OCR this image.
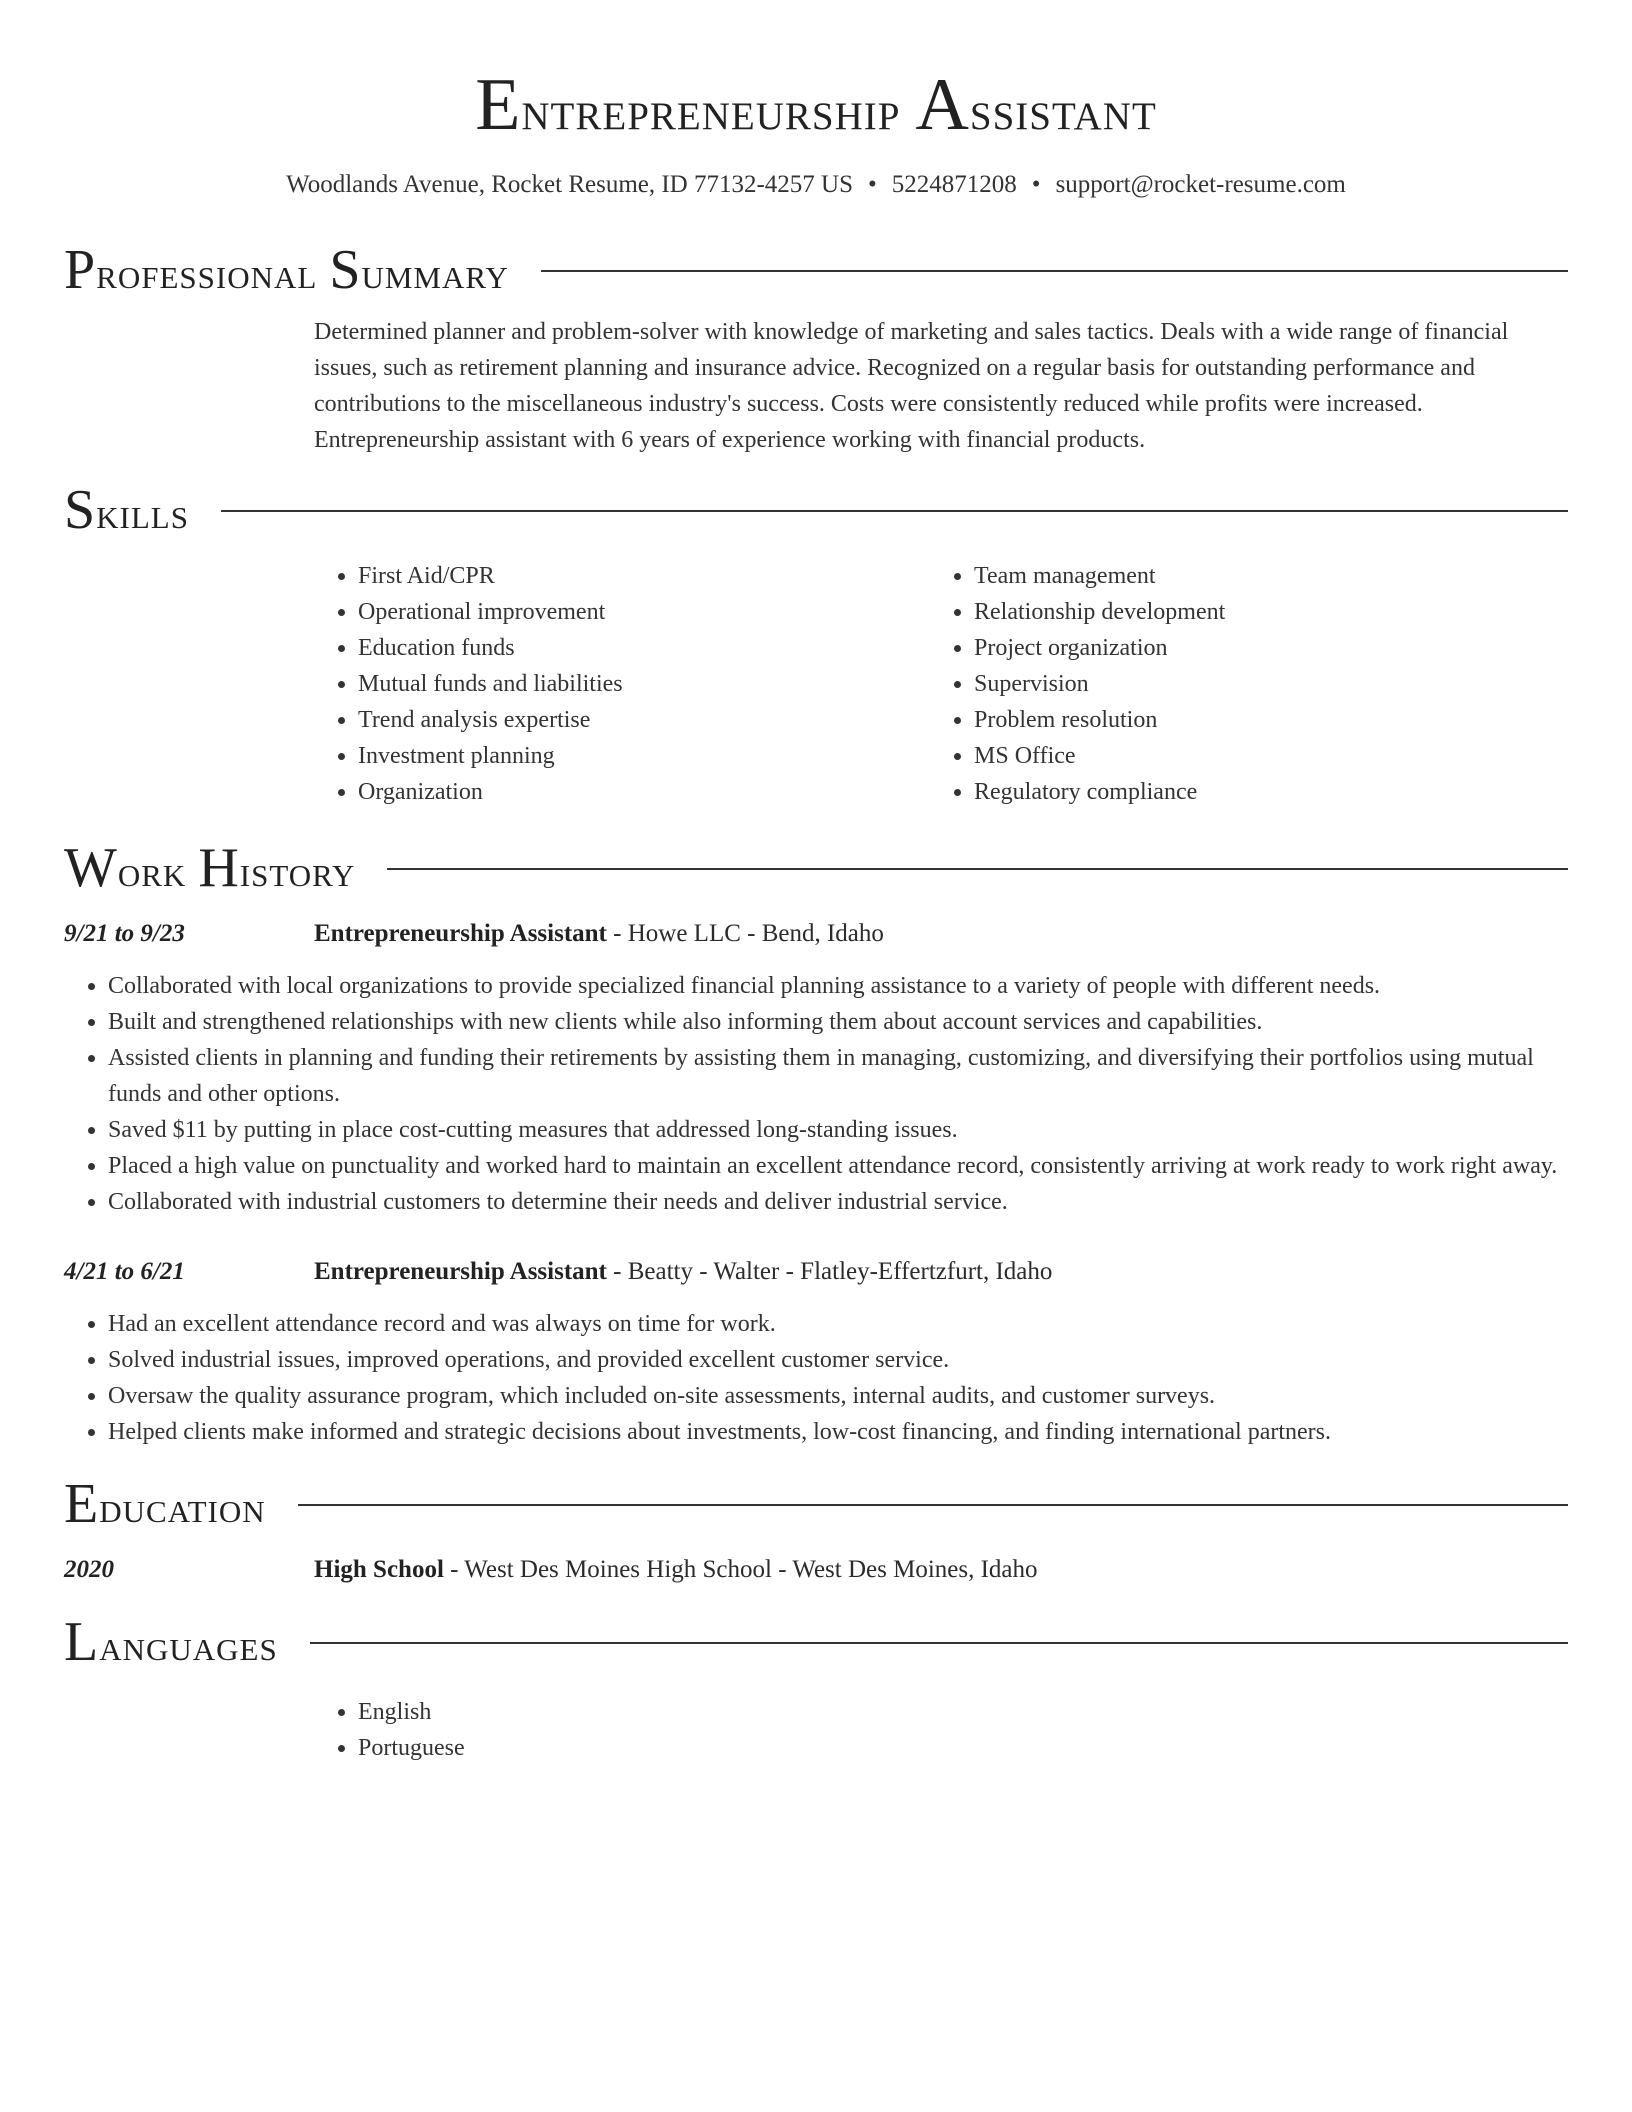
Entrepreneurship Assistant
Woodlands Avenue, Rocket Resume, ID 77132-4257 US • 5224871208 • support@rocket-resume.com
Professional Summary
Determined planner and problem-solver with knowledge of marketing and sales tactics. Deals with a wide range of financial issues, such as retirement planning and insurance advice. Recognized on a regular basis for outstanding performance and contributions to the miscellaneous industry's success. Costs were consistently reduced while profits were increased. Entrepreneurship assistant with 6 years of experience working with financial products.
Skills
• First Aid/CPR
• Operational improvement
• Education funds
• Mutual funds and liabilities
• Trend analysis expertise
• Investment planning
• Organization
• Team management
• Relationship development
• Project organization
• Supervision
• Problem resolution
• MS Office
• Regulatory compliance
Work History
9/21 to 9/23	Entrepreneurship Assistant - Howe LLC - Bend, Idaho
• Collaborated with local organizations to provide specialized financial planning assistance to a variety of people with different needs.
• Built and strengthened relationships with new clients while also informing them about account services and capabilities.
• Assisted clients in planning and funding their retirements by assisting them in managing, customizing, and diversifying their portfolios using mutual funds and other options.
• Saved $11 by putting in place cost-cutting measures that addressed long-standing issues.
• Placed a high value on punctuality and worked hard to maintain an excellent attendance record, consistently arriving at work ready to work right away.
• Collaborated with industrial customers to determine their needs and deliver industrial service.
4/21 to 6/21	Entrepreneurship Assistant - Beatty - Walter - Flatley-Effertzfurt, Idaho
• Had an excellent attendance record and was always on time for work.
• Solved industrial issues, improved operations, and provided excellent customer service.
• Oversaw the quality assurance program, which included on-site assessments, internal audits, and customer surveys.
• Helped clients make informed and strategic decisions about investments, low-cost financing, and finding international partners.
Education
2020	High School - West Des Moines High School - West Des Moines, Idaho
Languages
• English
• Portuguese
